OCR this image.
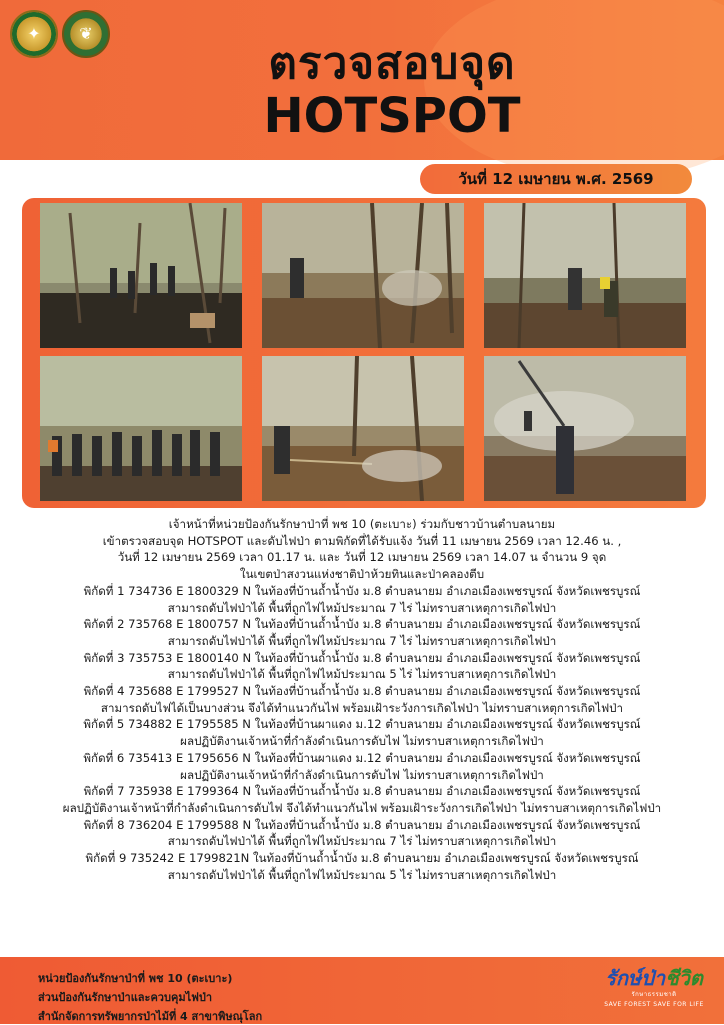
✦	❦
ตรวจสอบจุด
HOTSPOT
วันที่ 12 เมษายน พ.ศ. 2569

เจ้าหน้าที่หน่วยป้องกันรักษาป่าที่ พช 10 (ตะเบาะ) ร่วมกับชาวบ้านตำบลนายม

เข้าตรวจสอบจุด HOTSPOT และดับไฟป่า ตามพิกัดที่ได้รับแจ้ง วันที่ 11 เมษายน 2569 เวลา 12.46 น. ,

วันที่ 12 เมษายน 2569 เวลา 01.17 น. และ วันที่ 12 เมษายน 2569 เวลา 14.07 น จำนวน 9 จุด

ในเขตป่าสงวนแห่งชาติป่าห้วยทินและป่าคลองตีบ

พิกัดที่ 1 734736 E 1800329 N ในท้องที่บ้านถ้ำน้ำบัง ม.8 ตำบลนายม อำเภอเมืองเพชรบูรณ์ จังหวัดเพชรบูรณ์

สามารถดับไฟป่าได้ พื้นที่ถูกไฟไหม้ประมาณ 7 ไร่ ไม่ทราบสาเหตุการเกิดไฟป่า

พิกัดที่ 2 735768 E 1800757 N ในท้องที่บ้านถ้ำน้ำบัง ม.8 ตำบลนายม อำเภอเมืองเพชรบูรณ์ จังหวัดเพชรบูรณ์

สามารถดับไฟป่าได้ พื้นที่ถูกไฟไหม้ประมาณ 7 ไร่ ไม่ทราบสาเหตุการเกิดไฟป่า

พิกัดที่ 3 735753 E 1800140 N ในท้องที่บ้านถ้ำน้ำบัง ม.8 ตำบลนายม อำเภอเมืองเพชรบูรณ์ จังหวัดเพชรบูรณ์

สามารถดับไฟป่าได้ พื้นที่ถูกไฟไหม้ประมาณ 5 ไร่ ไม่ทราบสาเหตุการเกิดไฟป่า

พิกัดที่ 4 735688 E 1799527 N ในท้องที่บ้านถ้ำน้ำบัง ม.8 ตำบลนายม อำเภอเมืองเพชรบูรณ์ จังหวัดเพชรบูรณ์

สามารถดับไฟได้เป็นบางส่วน จึงได้ทำแนวกันไฟ พร้อมเฝ้าระวังการเกิดไฟป่า ไม่ทราบสาเหตุการเกิดไฟป่า

พิกัดที่ 5 734882 E 1795585 N ในท้องที่บ้านผาแดง ม.12 ตำบลนายม อำเภอเมืองเพชรบูรณ์ จังหวัดเพชรบูรณ์

ผลปฏิบัติงานเจ้าหน้าที่กำลังดำเนินการดับไฟ ไม่ทราบสาเหตุการเกิดไฟป่า

พิกัดที่ 6 735413 E 1795656 N ในท้องที่บ้านผาแดง ม.12 ตำบลนายม อำเภอเมืองเพชรบูรณ์ จังหวัดเพชรบูรณ์

ผลปฏิบัติงานเจ้าหน้าที่กำลังดำเนินการดับไฟ ไม่ทราบสาเหตุการเกิดไฟป่า

พิกัดที่ 7 735938 E 1799364 N ในท้องที่บ้านถ้ำน้ำบัง ม.8 ตำบลนายม อำเภอเมืองเพชรบูรณ์ จังหวัดเพชรบูรณ์

ผลปฏิบัติงานเจ้าหน้าที่กำลังดำเนินการดับไฟ จึงได้ทำแนวกันไฟ พร้อมเฝ้าระวังการเกิดไฟป่า ไม่ทราบสาเหตุการเกิดไฟป่า

พิกัดที่ 8 736204 E 1799588 N ในท้องที่บ้านถ้ำน้ำบัง ม.8 ตำบลนายม อำเภอเมืองเพชรบูรณ์ จังหวัดเพชรบูรณ์

สามารถดับไฟป่าได้ พื้นที่ถูกไฟไหม้ประมาณ 7 ไร่ ไม่ทราบสาเหตุการเกิดไฟป่า

พิกัดที่ 9 735242 E 1799821N ในท้องที่บ้านถ้ำน้ำบัง ม.8 ตำบลนายม อำเภอเมืองเพชรบูรณ์ จังหวัดเพชรบูรณ์

สามารถดับไฟป่าได้ พื้นที่ถูกไฟไหม้ประมาณ 5 ไร่ ไม่ทราบสาเหตุการเกิดไฟป่า

หน่วยป้องกันรักษาป่าที่ พช 10 (ตะเบาะ)
ส่วนป้องกันรักษาป่าและควบคุมไฟป่า
สำนักจัดการทรัพยากรป่าไม้ที่ 4 สาขาพิษณุโลก
รักษ์ป่าชีวิต
รักษาธรรมชาติ
SAVE FOREST SAVE FOR LIFE
